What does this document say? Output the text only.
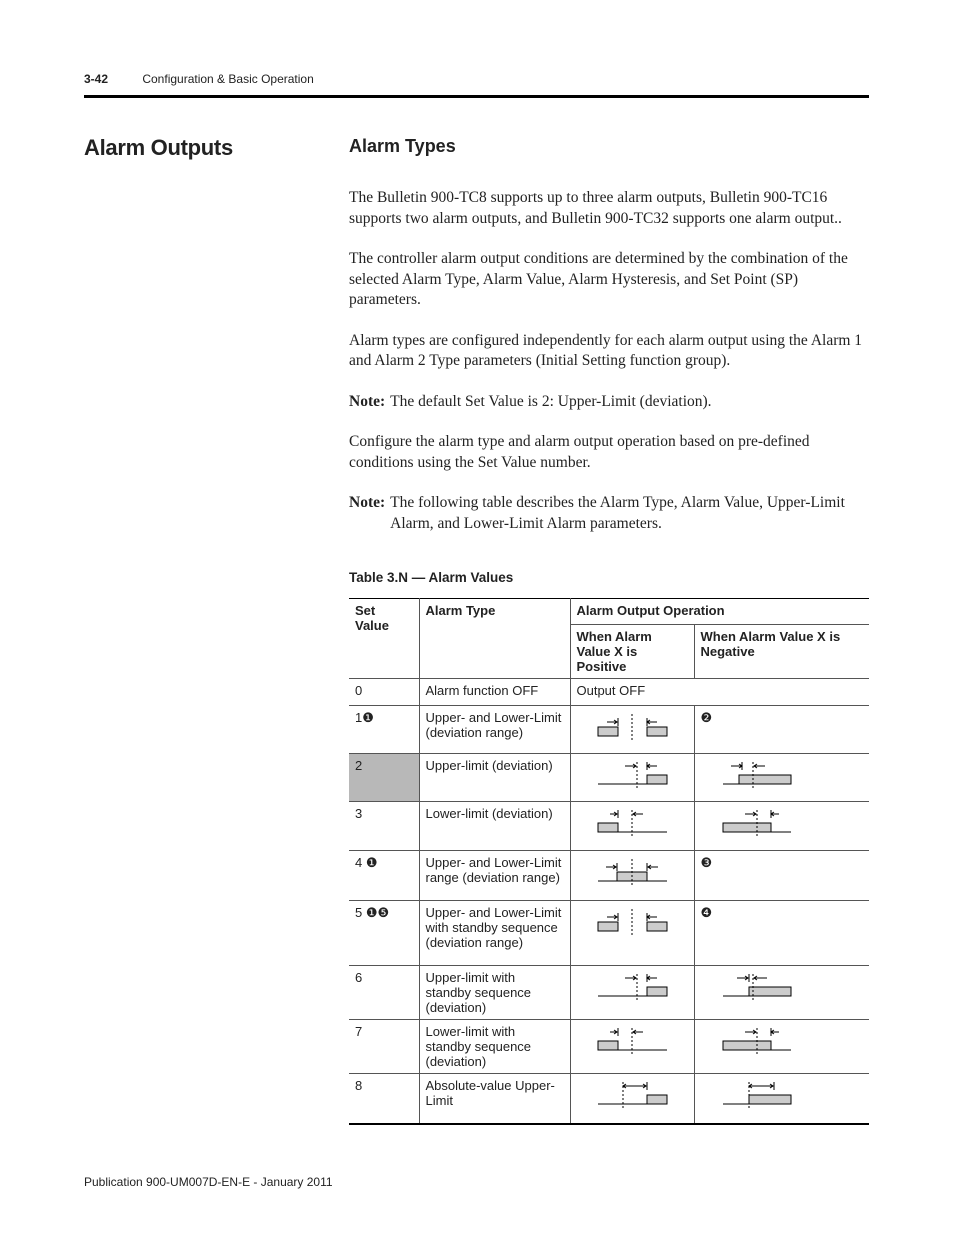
3-42	Configuration & Basic Operation
Alarm Outputs	Alarm Types

The Bulletin 900-TC8 supports up to three alarm outputs, Bulletin 900-TC16 supports two alarm outputs, and Bulletin 900-TC32 supports one alarm output..

The controller alarm output conditions are determined by the combination of the selected Alarm Type, Alarm Value, Alarm Hysteresis, and Set Point (SP) parameters.

Alarm types are configured independently for each alarm output using the Alarm 1 and Alarm 2 Type parameters (Initial Setting function group).

Note: The default Set Value is 2: Upper-Limit (deviation).

Configure the alarm type and alarm output operation based on pre-defined conditions using the Set Value number.

Note: The following table describes the Alarm Type, Alarm Value, Upper-Limit Alarm, and Lower-Limit Alarm parameters.
Table 3.N — Alarm Values
Set Value	Alarm Type	Alarm Output Operation	
		When Alarm Value X is Positive	When Alarm Value X is Negative
0	Alarm function OFF	Output OFF	
1❶	Upper- and Lower-Limit (deviation range)		❷
2	Upper-limit (deviation)	

3	Lower-limit (deviation)	

4 ❶	Upper- and Lower-Limit range (deviation range)		❸
5 ❶❺	Upper- and Lower-Limit with standby sequence (deviation range)		❹
6	Upper-limit with standby sequence (deviation)	

7	Lower-limit with standby sequence (deviation)	

8	Absolute-value Upper-Limit	

Publication 900-UM007D-EN-E - January 2011
